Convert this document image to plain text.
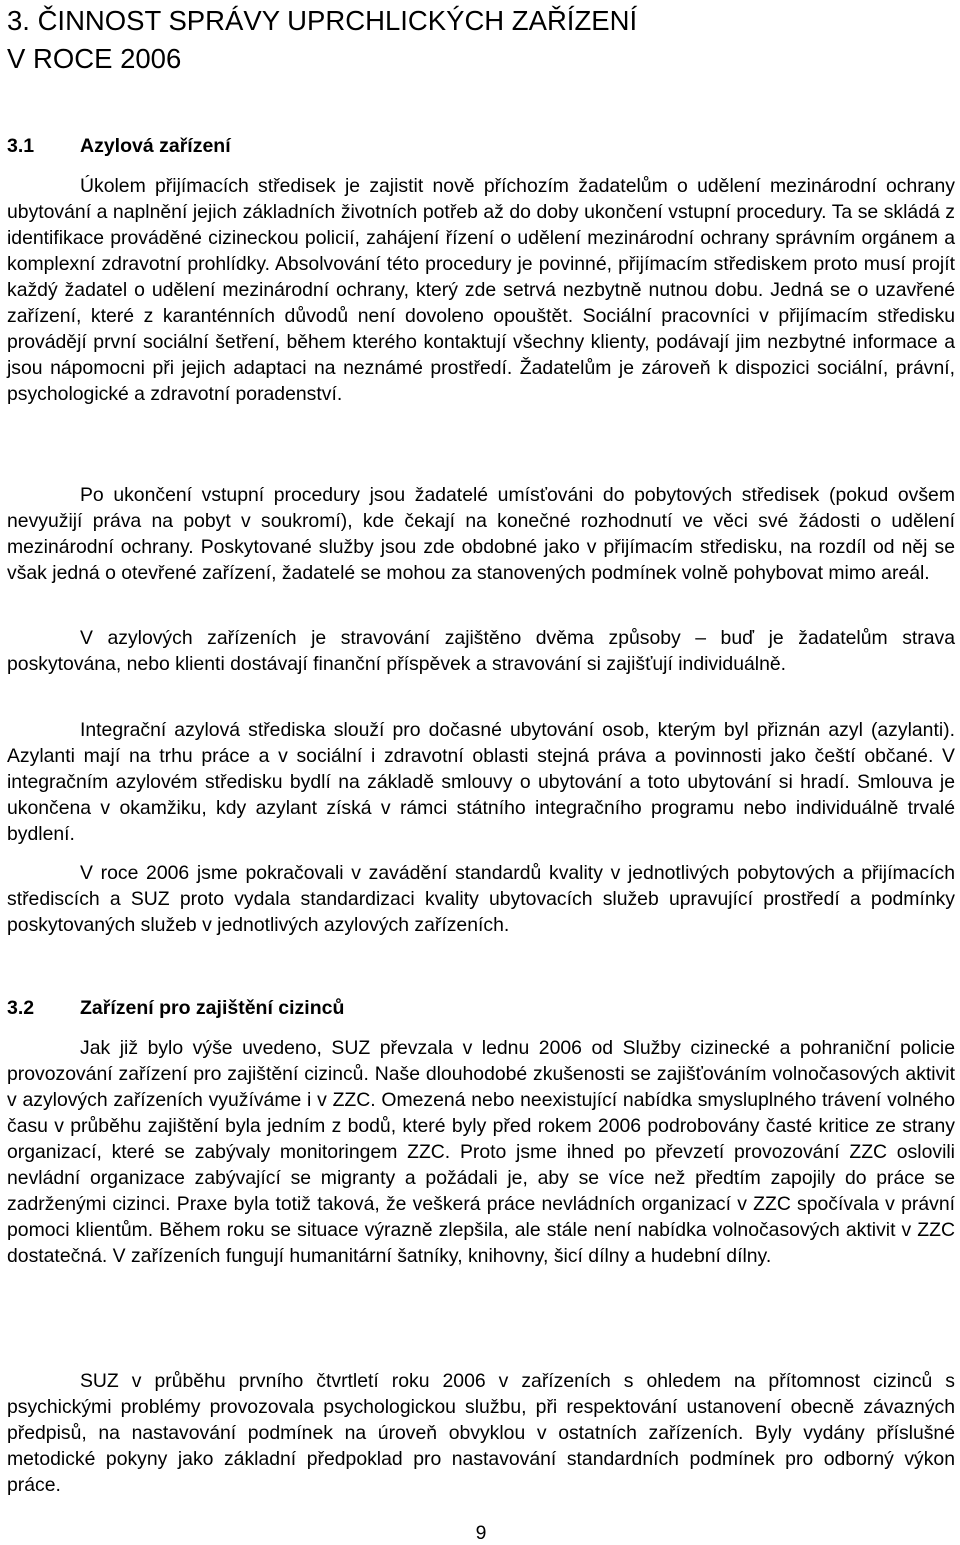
3. ČINNOST SPRÁVY UPRCHLICKÝCH ZAŘÍZENÍ
V ROCE 2006
3.1 Azylová zařízení

Úkolem přijímacích středisek je zajistit nově příchozím žadatelům o udělení mezinárodní ochrany ubytování a naplnění jejich základních životních potřeb až do doby ukončení vstupní procedury. Ta se skládá z identifikace prováděné cizineckou policií, zahájení řízení o udělení mezinárodní ochrany správním orgánem a komplexní zdravotní prohlídky. Absolvování této procedury je povinné, přijímacím střediskem proto musí projít každý žadatel o udělení mezinárodní ochrany, který zde setrvá nezbytně nutnou dobu. Jedná se o uzavřené zařízení, které z karanténních důvodů není dovoleno opouštět. Sociální pracovníci v přijímacím středisku provádějí první sociální šetření, během kterého kontaktují všechny klienty, podávají jim nezbytné informace a jsou nápomocni při jejich adaptaci na neznámé prostředí. Žadatelům je zároveň k dispozici sociální, právní, psychologické a zdravotní poradenství.

Po ukončení vstupní procedury jsou žadatelé umísťováni do pobytových středisek (pokud ovšem nevyužijí práva na pobyt v soukromí), kde čekají na konečné rozhodnutí ve věci své žádosti o udělení mezinárodní ochrany. Poskytované služby jsou zde obdobné jako v přijímacím středisku, na rozdíl od něj se však jedná o otevřené zařízení, žadatelé se mohou za stanovených podmínek volně pohybovat mimo areál.

V azylových zařízeních je stravování zajištěno dvěma způsoby – buď je žadatelům strava poskytována, nebo klienti dostávají finanční příspěvek a stravování si zajišťují individuálně.

Integrační azylová střediska slouží pro dočasné ubytování osob, kterým byl přiznán azyl (azylanti). Azylanti mají na trhu práce a v sociální i zdravotní oblasti stejná práva a povinnosti jako čeští občané. V integračním azylovém středisku bydlí na základě smlouvy o ubytování a toto ubytování si hradí. Smlouva je ukončena v okamžiku, kdy azylant získá v rámci státního integračního programu nebo individuálně trvalé bydlení.

V roce 2006 jsme pokračovali v zavádění standardů kvality v jednotlivých pobytových a přijímacích střediscích a SUZ proto vydala standardizaci kvality ubytovacích služeb upravující prostředí a podmínky poskytovaných služeb v jednotlivých azylových zařízeních.

3.2 Zařízení pro zajištění cizinců

Jak již bylo výše uvedeno, SUZ převzala v lednu 2006 od Služby cizinecké a pohraniční policie provozování zařízení pro zajištění cizinců. Naše dlouhodobé zkušenosti se zajišťováním volnočasových aktivit v azylových zařízeních využíváme i v ZZC. Omezená nebo neexistující nabídka smysluplného trávení volného času v průběhu zajištění byla jedním z bodů, které byly před rokem 2006 podrobovány časté kritice ze strany organizací, které se zabývaly monitoringem ZZC. Proto jsme ihned po převzetí provozování ZZC oslovili nevládní organizace zabývající se migranty a požádali je, aby se více než předtím zapojily do práce se zadrženými cizinci. Praxe byla totiž taková, že veškerá práce nevládních organizací v ZZC spočívala v právní pomoci klientům. Během roku se situace výrazně zlepšila, ale stále není nabídka volnočasových aktivit v ZZC dostatečná. V zařízeních fungují humanitární šatníky, knihovny, šicí dílny a hudební dílny.

SUZ v průběhu prvního čtvrtletí roku 2006 v zařízeních s ohledem na přítomnost cizinců s psychickými problémy provozovala psychologickou službu, při respektování ustanovení obecně závazných předpisů, na nastavování podmínek na úroveň obvyklou v ostatních zařízeních. Byly vydány příslušné metodické pokyny jako základní předpoklad pro nastavování standardních podmínek pro odborný výkon práce.

9
